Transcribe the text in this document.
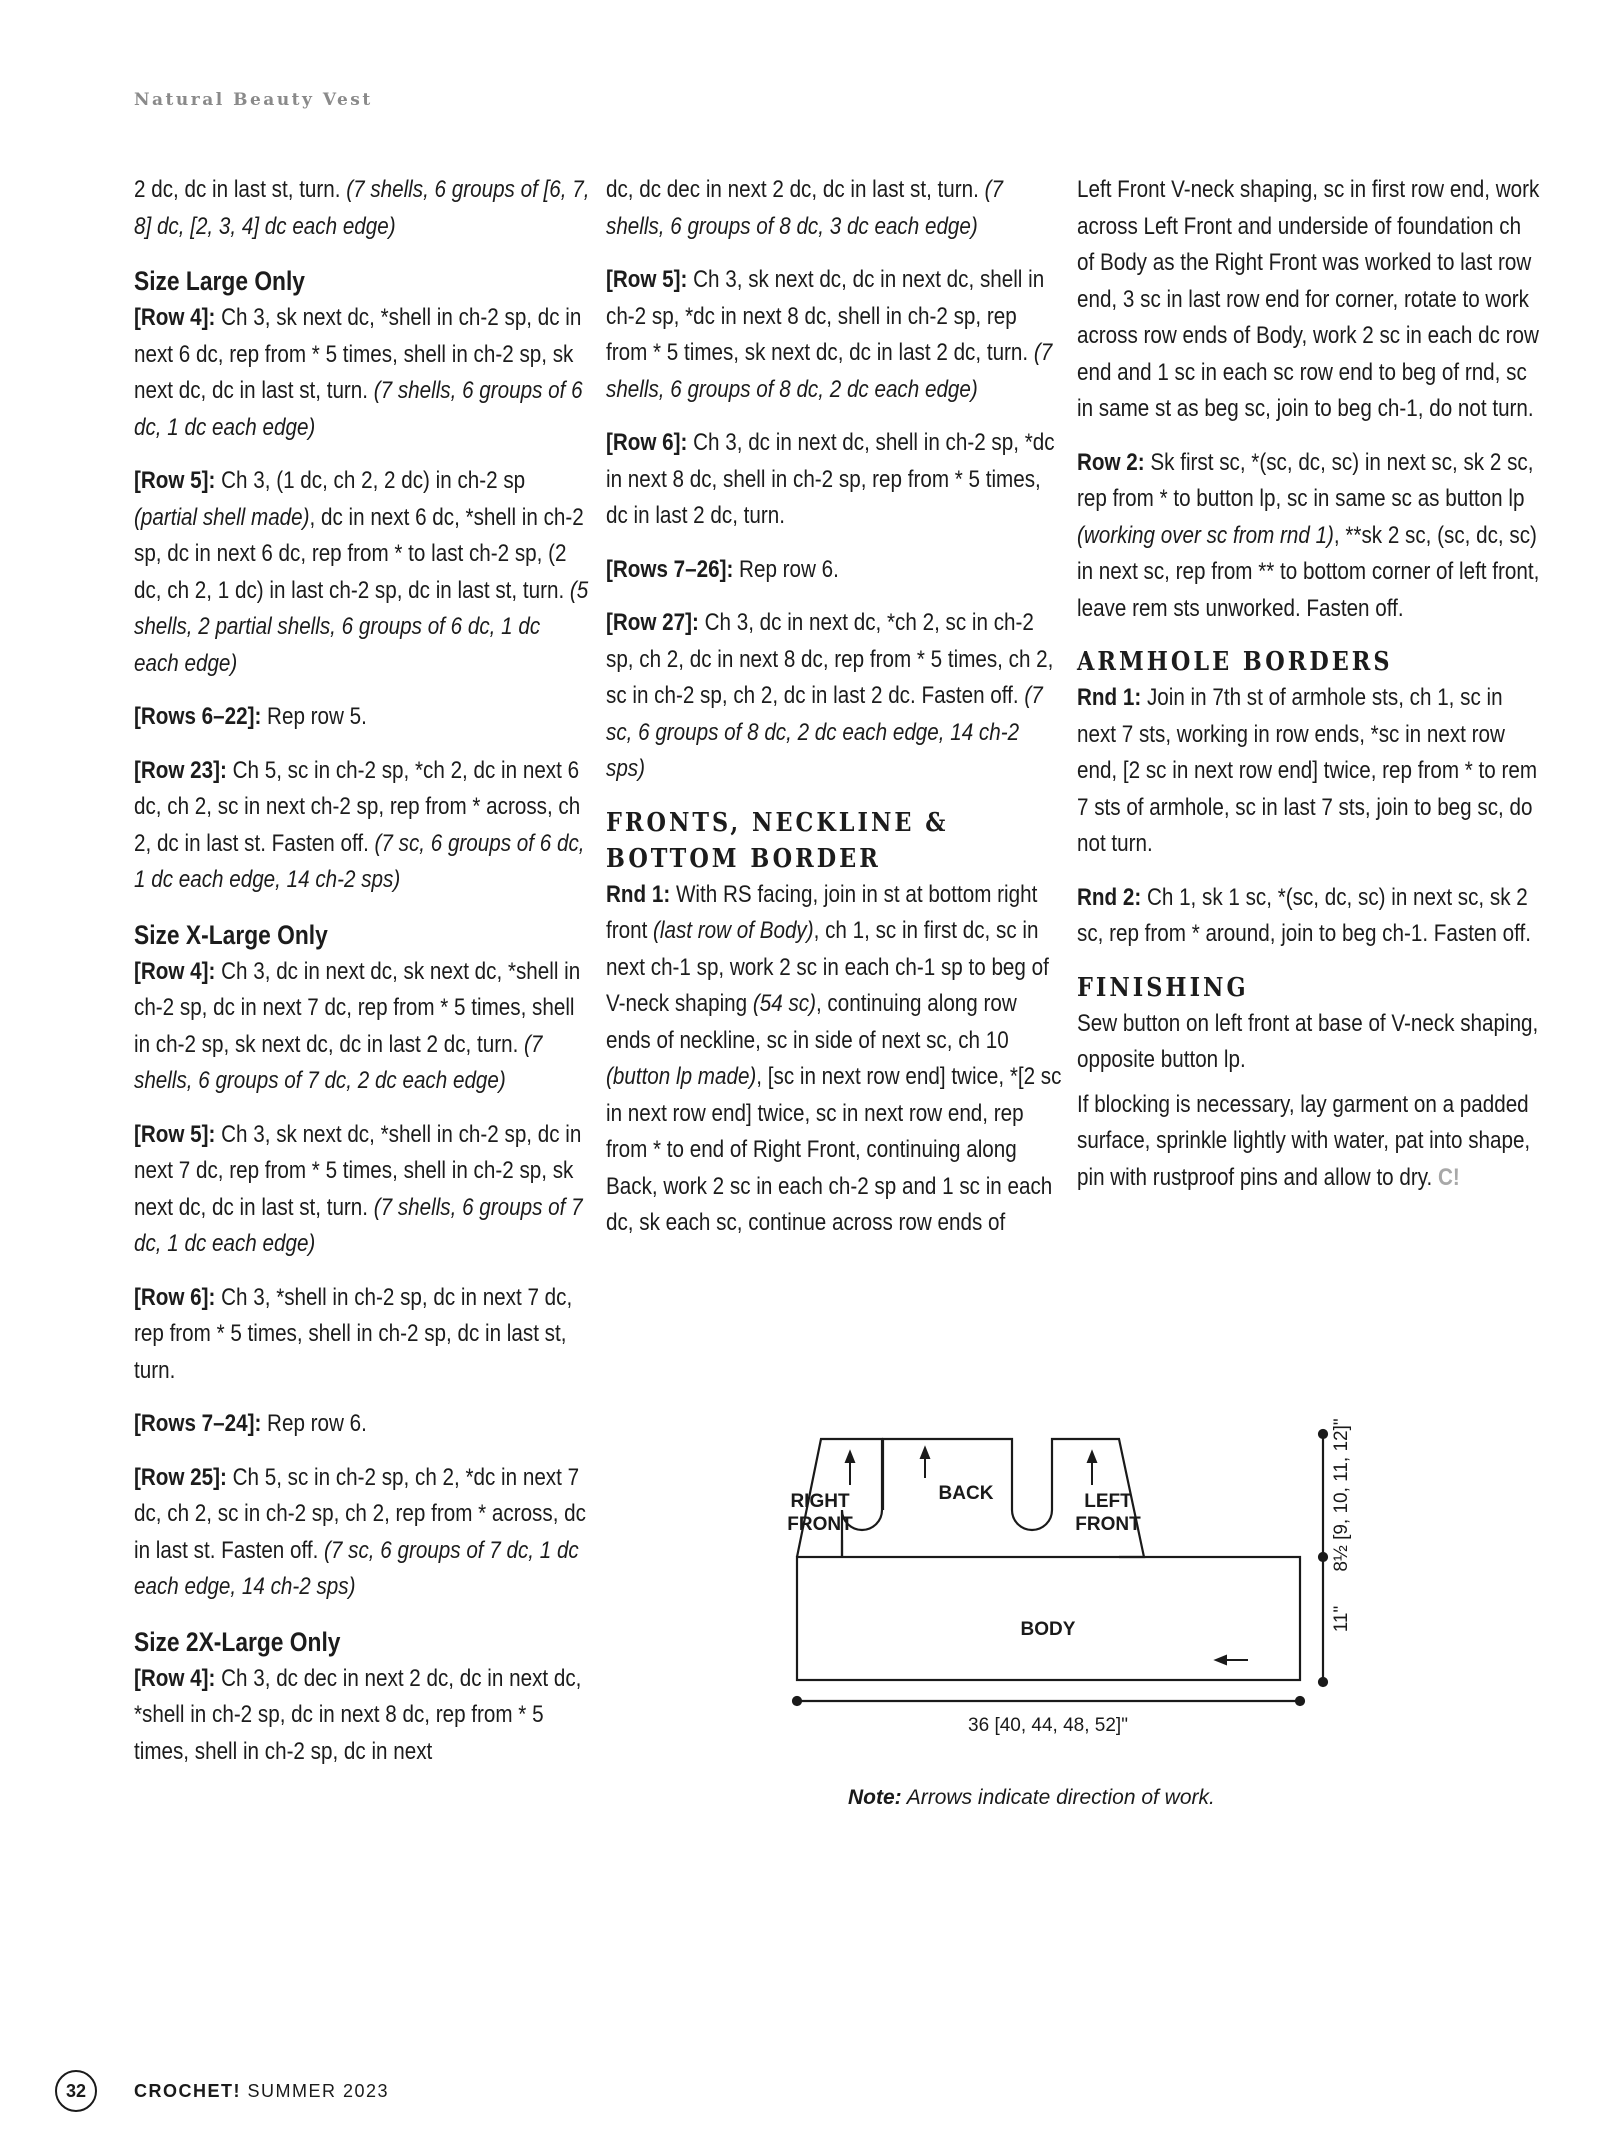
Natural Beauty Vest

2 dc, dc in last st, turn. (7 shells, 6 groups of [6, 7, 8] dc, [2, 3, 4] dc each edge)

Size Large Only

[Row 4]: Ch 3, sk next dc, *shell in ch-2 sp, dc in next 6 dc, rep from * 5 times, shell in ch-2 sp, sk next dc, dc in last st, turn. (7 shells, 6 groups of 6 dc, 1 dc each edge)

[Row 5]: Ch 3, (1 dc, ch 2, 2 dc) in ch-2 sp (partial shell made), dc in next 6 dc, *shell in ch-2 sp, dc in next 6 dc, rep from * to last ch-2 sp, (2 dc, ch 2, 1 dc) in last ch-2 sp, dc in last st, turn. (5 shells, 2 partial shells, 6 groups of 6 dc, 1 dc each edge)

[Rows 6–22]: Rep row 5.

[Row 23]: Ch 5, sc in ch-2 sp, *ch 2, dc in next 6 dc, ch 2, sc in next ch-2 sp, rep from * across, ch 2, dc in last st. Fasten off. (7 sc, 6 groups of 6 dc, 1 dc each edge, 14 ch-2 sps)

Size X-Large Only

[Row 4]: Ch 3, dc in next dc, sk next dc, *shell in ch-2 sp, dc in next 7 dc, rep from * 5 times, shell in ch-2 sp, sk next dc, dc in last 2 dc, turn. (7 shells, 6 groups of 7 dc, 2 dc each edge)

[Row 5]: Ch 3, sk next dc, *shell in ch-2 sp, dc in next 7 dc, rep from * 5 times, shell in ch-2 sp, sk next dc, dc in last st, turn. (7 shells, 6 groups of 7 dc, 1 dc each edge)

[Row 6]: Ch 3, *shell in ch-2 sp, dc in next 7 dc, rep from * 5 times, shell in ch-2 sp, dc in last st, turn.

[Rows 7–24]: Rep row 6.

[Row 25]: Ch 5, sc in ch-2 sp, ch 2, *dc in next 7 dc, ch 2, sc in ch-2 sp, ch 2, rep from * across, dc in last st. Fasten off. (7 sc, 6 groups of 7 dc, 1 dc each edge, 14 ch-2 sps)

Size 2X-Large Only

[Row 4]: Ch 3, dc dec in next 2 dc, dc in next dc, *shell in ch-2 sp, dc in next 8 dc, rep from * 5 times, shell in ch-2 sp, dc in next

dc, dc dec in next 2 dc, dc in last st, turn. (7 shells, 6 groups of 8 dc, 3 dc each edge)

[Row 5]: Ch 3, sk next dc, dc in next dc, shell in ch-2 sp, *dc in next 8 dc, shell in ch-2 sp, rep from * 5 times, sk next dc, dc in last 2 dc, turn. (7 shells, 6 groups of 8 dc, 2 dc each edge)

[Row 6]: Ch 3, dc in next dc, shell in ch-2 sp, *dc in next 8 dc, shell in ch-2 sp, rep from * 5 times, dc in last 2 dc, turn.

[Rows 7–26]: Rep row 6.

[Row 27]: Ch 3, dc in next dc, *ch 2, sc in ch-2 sp, ch 2, dc in next 8 dc, rep from * 5 times, ch 2, sc in ch-2 sp, ch 2, dc in last 2 dc. Fasten off. (7 sc, 6 groups of 8 dc, 2 dc each edge, 14 ch-2 sps)

FRONTS, NECKLINE & BOTTOM BORDER

Rnd 1: With RS facing, join in st at bottom right front (last row of Body), ch 1, sc in first dc, sc in next ch-1 sp, work 2 sc in each ch-1 sp to beg of V-neck shaping (54 sc), continuing along row ends of neckline, sc in side of next sc, ch 10 (button lp made), [sc in next row end] twice, *[2 sc in next row end] twice, sc in next row end, rep from * to end of Right Front, continuing along Back, work 2 sc in each ch-2 sp and 1 sc in each dc, sk each sc, continue across row ends of

Left Front V-neck shaping, sc in first row end, work across Left Front and underside of foundation ch of Body as the Right Front was worked to last row end, 3 sc in last row end for corner, rotate to work across row ends of Body, work 2 sc in each dc row end and 1 sc in each sc row end to beg of rnd, sc in same st as beg sc, join to beg ch-1, do not turn.

Row 2: Sk first sc, *(sc, dc, sc) in next sc, sk 2 sc, rep from * to button lp, sc in same sc as button lp (working over sc from rnd 1), **sk 2 sc, (sc, dc, sc) in next sc, rep from ** to bottom corner of left front, leave rem sts unworked. Fasten off.

ARMHOLE BORDERS

Rnd 1: Join in 7th st of armhole sts, ch 1, sc in next 7 sts, working in row ends, *sc in next row end, [2 sc in next row end] twice, rep from * to rem 7 sts of armhole, sc in last 7 sts, join to beg sc, do not turn.

Rnd 2: Ch 1, sk 1 sc, *(sc, dc, sc) in next sc, sk 2 sc, rep from * around, join to beg ch-1. Fasten off.

FINISHING

Sew button on left front at base of V-neck shaping, opposite button lp.

If blocking is necessary, lay garment on a padded surface, sprinkle lightly with water, pat into shape, pin with rustproof pins and allow to dry. C!

RIGHT
FRONT
BACK	LEFT
FRONT
BODY
36 [40, 44, 48, 52]"
8½ [9, 10, 11, 12]"
11"
Note: Arrows indicate direction of work.
32	CROCHET! SUMMER 2023
